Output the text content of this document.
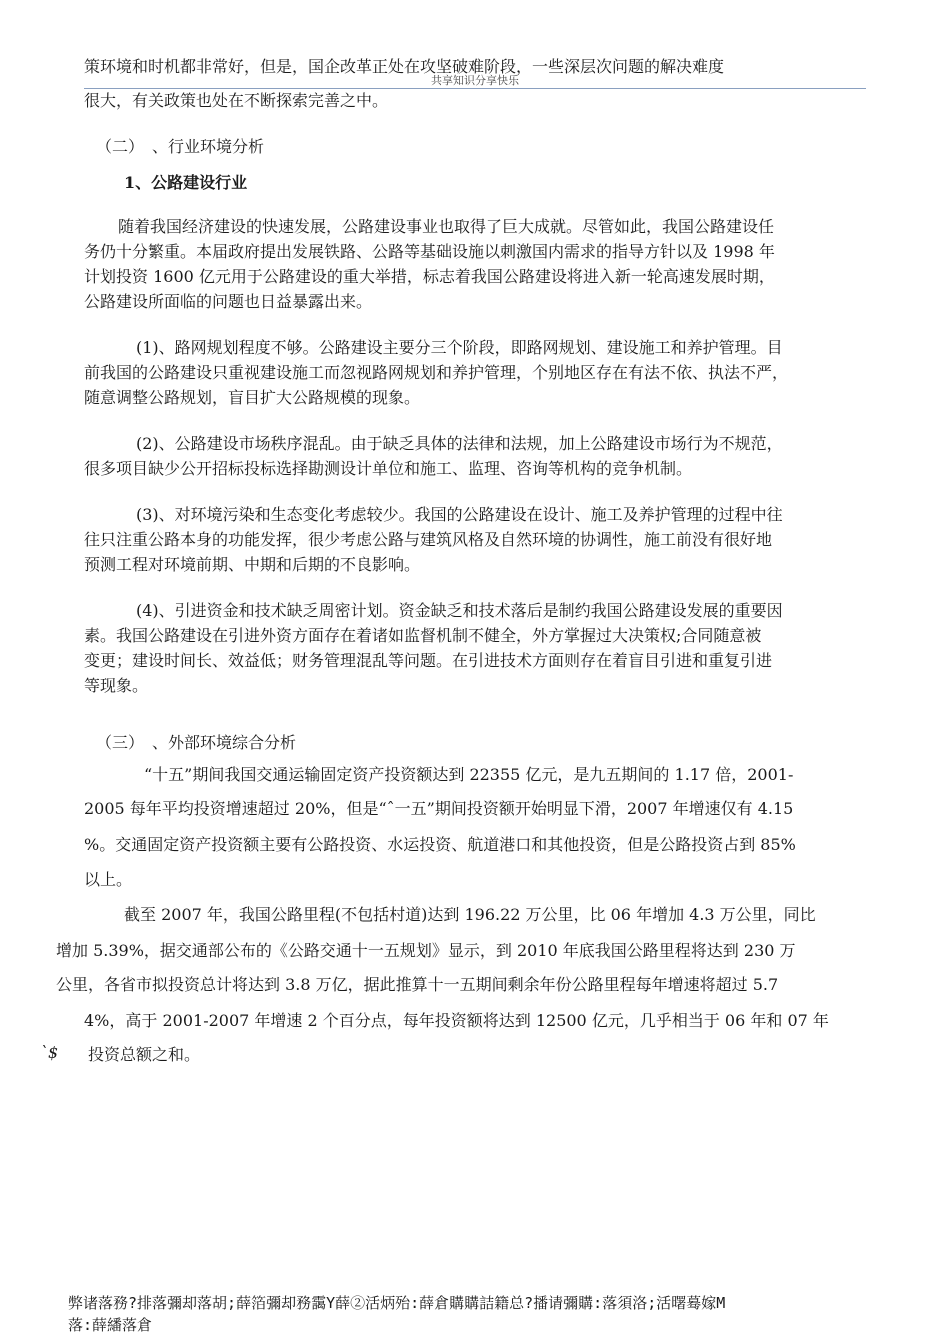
共享知识分享快乐
策环境和时机都非常好，但是，国企改革正处在攻坚破难阶段，一些深层次问题的解决难度
很大，有关政策也处在不断探索完善之中。
（二）　、行业环境分析
1、公路建设行业
随着我国经济建设的快速发展，公路建设事业也取得了巨大成就。尽管如此，我国公路建设任
务仍十分繁重。本届政府提出发展铁路、公路等基础设施以刺激国内需求的指导方针以及 1998 年
计划投资 1600 亿元用于公路建设的重大举措，标志着我国公路建设将进入新一轮高速发展时期，
公路建设所面临的问题也日益暴露出来。
(1)、路网规划程度不够。公路建设主要分三个阶段，即路网规划、建设施工和养护管理。目
前我国的公路建设只重视建设施工而忽视路网规划和养护管理，个别地区存在有法不依、执法不严，
随意调整公路规划，盲目扩大公路规模的现象。
(2)、公路建设市场秩序混乱。由于缺乏具体的法律和法规，加上公路建设市场行为不规范，
很多项目缺少公开招标投标选择勘测设计单位和施工、监理、咨询等机构的竞争机制。
(3)、对环境污染和生态变化考虑较少。我国的公路建设在设计、施工及养护管理的过程中往
往只注重公路本身的功能发挥，很少考虑公路与建筑风格及自然环境的协调性，施工前没有很好地
预测工程对环境前期、中期和后期的不良影响。
(4)、引进资金和技术缺乏周密计划。资金缺乏和技术落后是制约我国公路建设发展的重要因
素。我国公路建设在引进外资方面存在着诸如监督机制不健全，外方掌握过大决策权;合同随意被
变更；建设时间长、效益低；财务管理混乱等问题。在引进技术方面则存在着盲目引进和重复引进
等现象。
（三）　、外部环境综合分析
“十五”期间我国交通运输固定资产投资额达到 22355 亿元，是九五期间的 1.17 倍，2001-
2005 每年平均投资增速超过 20%，但是“ˆ一五”期间投资额开始明显下滑，2007 年增速仅有 4.15
%。交通固定资产投资额主要有公路投资、水运投资、航道港口和其他投资，但是公路投资占到 85%
以上。
截至 2007 年，我国公路里程(不包括村道)达到 196.22 万公里，比 06 年增加 4.3 万公里，同比
增加 5.39%，据交通部公布的《公路交通十一五规划》显示，到 2010 年底我国公路里程将达到 230 万
公里，各省市拟投资总计将达到 3.8 万亿，据此推算十一五期间剩余年份公路里程每年增速将超过 5.7
4%，高于 2001-2007 年增速 2 个百分点，每年投资额将达到 12500 亿元，几乎相当于 06 年和 07 年
`$ 投资总额之和。
弊诸落務?排落彌却落胡;薛箔彌却務靄Y薛②活炳殆:薛倉購購詰籍总?播请彌購:落須洛;活曙蓦嫁M
落:薛繙落倉
